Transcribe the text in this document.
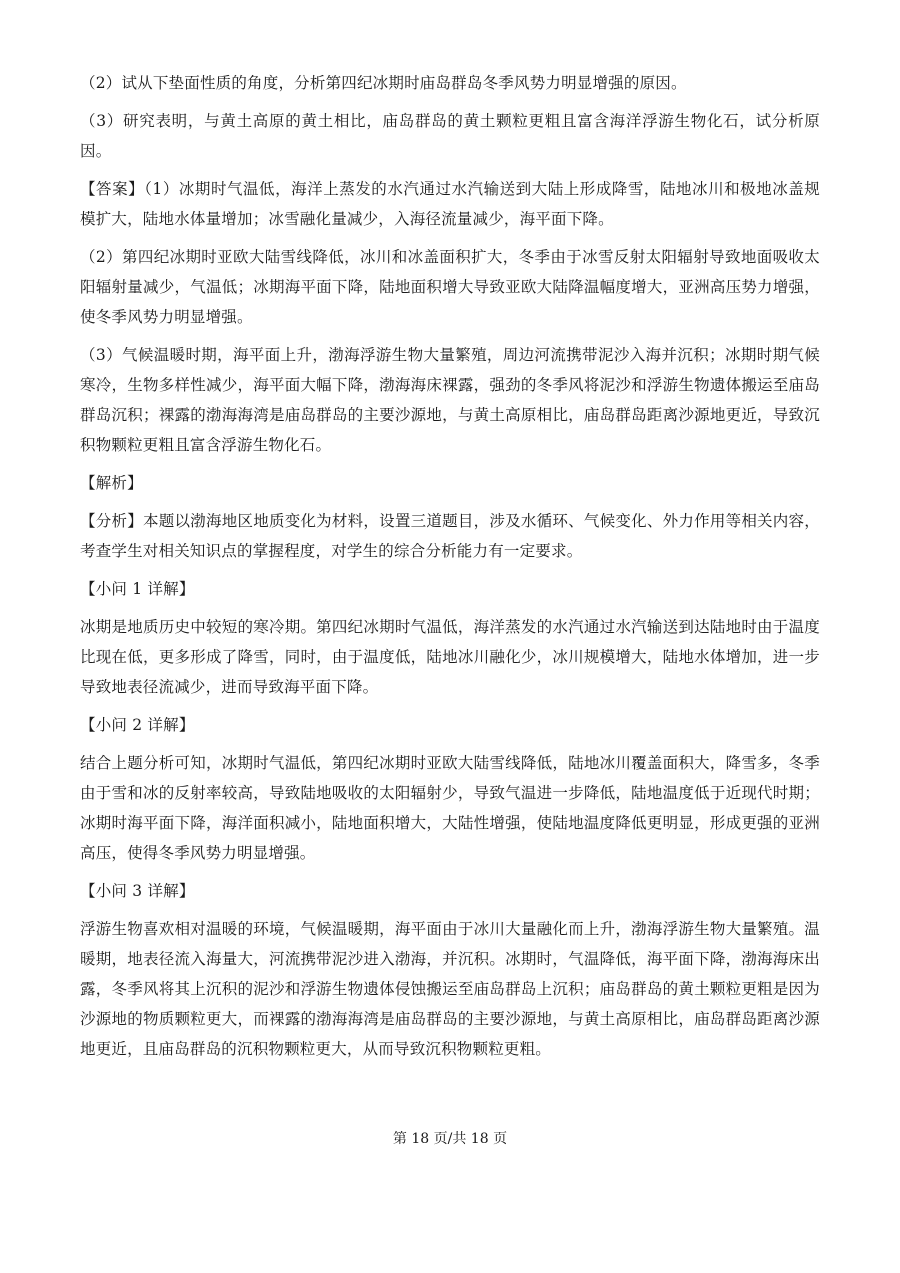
（2）试从下垫面性质的角度，分析第四纪冰期时庙岛群岛冬季风势力明显增强的原因。

（3）研究表明，与黄土高原的黄土相比，庙岛群岛的黄土颗粒更粗且富含海洋浮游生物化石，试分析原因。

【答案】（1）冰期时气温低，海洋上蒸发的水汽通过水汽输送到大陆上形成降雪，陆地冰川和极地冰盖规模扩大，陆地水体量增加；冰雪融化量减少，入海径流量减少，海平面下降。

（2）第四纪冰期时亚欧大陆雪线降低，冰川和冰盖面积扩大，冬季由于冰雪反射太阳辐射导致地面吸收太阳辐射量减少，气温低；冰期海平面下降，陆地面积增大导致亚欧大陆降温幅度增大，亚洲高压势力增强，使冬季风势力明显增强。

（3）气候温暖时期，海平面上升，渤海浮游生物大量繁殖，周边河流携带泥沙入海并沉积；冰期时期气候寒冷，生物多样性减少，海平面大幅下降，渤海海床裸露，强劲的冬季风将泥沙和浮游生物遗体搬运至庙岛群岛沉积；裸露的渤海海湾是庙岛群岛的主要沙源地，与黄土高原相比，庙岛群岛距离沙源地更近，导致沉积物颗粒更粗且富含浮游生物化石。

【解析】

【分析】本题以渤海地区地质变化为材料，设置三道题目，涉及水循环、气候变化、外力作用等相关内容，考查学生对相关知识点的掌握程度，对学生的综合分析能力有一定要求。

【小问 1 详解】

冰期是地质历史中较短的寒冷期。第四纪冰期时气温低，海洋蒸发的水汽通过水汽输送到达陆地时由于温度比现在低，更多形成了降雪，同时，由于温度低，陆地冰川融化少，冰川规模增大，陆地水体增加，进一步导致地表径流减少，进而导致海平面下降。

【小问 2 详解】

结合上题分析可知，冰期时气温低，第四纪冰期时亚欧大陆雪线降低，陆地冰川覆盖面积大，降雪多，冬季由于雪和冰的反射率较高，导致陆地吸收的太阳辐射少，导致气温进一步降低，陆地温度低于近现代时期；冰期时海平面下降，海洋面积减小，陆地面积增大，大陆性增强，使陆地温度降低更明显，形成更强的亚洲高压，使得冬季风势力明显增强。

【小问 3 详解】

浮游生物喜欢相对温暖的环境，气候温暖期，海平面由于冰川大量融化而上升，渤海浮游生物大量繁殖。温暖期，地表径流入海量大，河流携带泥沙进入渤海，并沉积。冰期时，气温降低，海平面下降，渤海海床出露，冬季风将其上沉积的泥沙和浮游生物遗体侵蚀搬运至庙岛群岛上沉积；庙岛群岛的黄土颗粒更粗是因为沙源地的物质颗粒更大，而裸露的渤海海湾是庙岛群岛的主要沙源地，与黄土高原相比，庙岛群岛距离沙源地更近，且庙岛群岛的沉积物颗粒更大，从而导致沉积物颗粒更粗。

第 18 页/共 18 页
